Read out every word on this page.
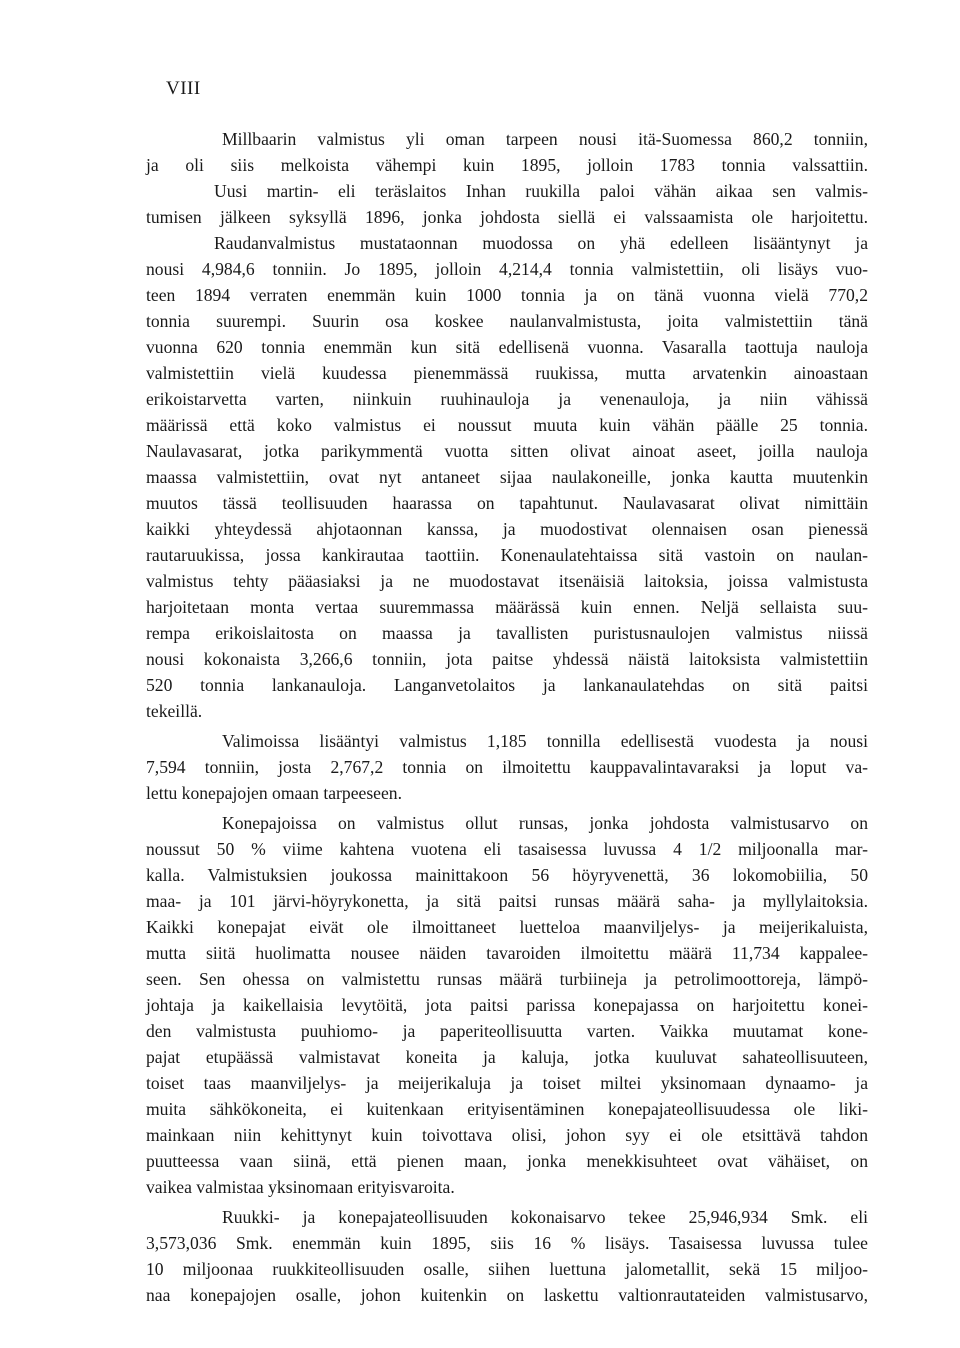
VIII
Millbaarin valmistus yli oman tarpeen nousi itä-Suomessa 860,2 tonniin,
ja oli siis melkoista vähempi kuin 1895, jolloin 1783 tonnia valssattiin.
Uusi martin- eli teräslaitos Inhan ruukilla paloi vähän aikaa sen valmis-
tumisen jälkeen syksyllä 1896, jonka johdosta siellä ei valssaamista ole harjoitettu.
Raudanvalmistus mustataonnan muodossa on yhä edelleen lisääntynyt ja
nousi 4,984,6 tonniin. Jo 1895, jolloin 4,214,4 tonnia valmistettiin, oli lisäys vuo-
teen 1894 verraten enemmän kuin 1000 tonnia ja on tänä vuonna vielä 770,2
tonnia suurempi. Suurin osa koskee naulanvalmistusta, joita valmistettiin tänä
vuonna 620 tonnia enemmän kun sitä edellisenä vuonna. Vasaralla taottuja nauloja
valmistettiin vielä kuudessa pienemmässä ruukissa, mutta arvatenkin ainoastaan
erikoistarvetta varten, niinkuin ruuhinauloja ja venenauloja, ja niin vähissä
määrissä että koko valmistus ei noussut muuta kuin vähän päälle 25 tonnia.
Naulavasarat, jotka parikymmentä vuotta sitten olivat ainoat aseet, joilla nauloja
maassa valmistettiin, ovat nyt antaneet sijaa naulakoneille, jonka kautta muutenkin
muutos tässä teollisuuden haarassa on tapahtunut. Naulavasarat olivat nimittäin
kaikki yhteydessä ahjotaonnan kanssa, ja muodostivat olennaisen osan pienessä
rautaruukissa, jossa kankirautaa taottiin. Konenaulatehtaissa sitä vastoin on naulan-
valmistus tehty pääasiaksi ja ne muodostavat itsenäisiä laitoksia, joissa valmistusta
harjoitetaan monta vertaa suuremmassa määrässä kuin ennen. Neljä sellaista suu-
rempa erikoislaitosta on maassa ja tavallisten puristusnaulojen valmistus niissä
nousi kokonaista 3,266,6 tonniin, jota paitse yhdessä näistä laitoksista valmistettiin
520 tonnia lankanauloja. Langanvetolaitos ja lankanaulatehdas on sitä paitsi
tekeillä.
Valimoissa lisääntyi valmistus 1,185 tonnilla edellisestä vuodesta ja nousi
7,594 tonniin, josta 2,767,2 tonnia on ilmoitettu kauppavalintavaraksi ja loput va-
lettu konepajojen omaan tarpeeseen.
Konepajoissa on valmistus ollut runsas, jonka johdosta valmistusarvo on
noussut 50 % viime kahtena vuotena eli tasaisessa luvussa 4 1/2 miljoonalla mar-
kalla. Valmistuksien joukossa mainittakoon 56 höyryvenettä, 36 lokomobiilia, 50
maa- ja 101 järvi-höyrykonetta, ja sitä paitsi runsas määrä saha- ja myllylaitoksia.
Kaikki konepajat eivät ole ilmoittaneet luetteloa maanviljelys- ja meijerikaluista,
mutta siitä huolimatta nousee näiden tavaroiden ilmoitettu määrä 11,734 kappalee-
seen. Sen ohessa on valmistettu runsas määrä turbiineja ja petrolimoottoreja, lämpö-
johtaja ja kaikellaisia levytöitä, jota paitsi parissa konepajassa on harjoitettu konei-
den valmistusta puuhiomo- ja paperiteollisuutta varten. Vaikka muutamat kone-
pajat etupäässä valmistavat koneita ja kaluja, jotka kuuluvat sahateollisuuteen,
toiset taas maanviljelys- ja meijerikaluja ja toiset miltei yksinomaan dynaamo- ja
muita sähkökoneita, ei kuitenkaan erityisentäminen konepajateollisuudessa ole liki-
mainkaan niin kehittynyt kuin toivottava olisi, johon syy ei ole etsittävä tahdon
puutteessa vaan siinä, että pienen maan, jonka menekkisuhteet ovat vähäiset, on
vaikea valmistaa yksinomaan erityisvaroita.
Ruukki- ja konepajateollisuuden kokonaisarvo tekee 25,946,934 Smk. eli
3,573,036 Smk. enemmän kuin 1895, siis 16 % lisäys. Tasaisessa luvussa tulee
10 miljoonaa ruukkiteollisuuden osalle, siihen luettuna jalometallit, sekä 15 miljoo-
naa konepajojen osalle, johon kuitenkin on laskettu valtionrautateiden valmistusarvo,
